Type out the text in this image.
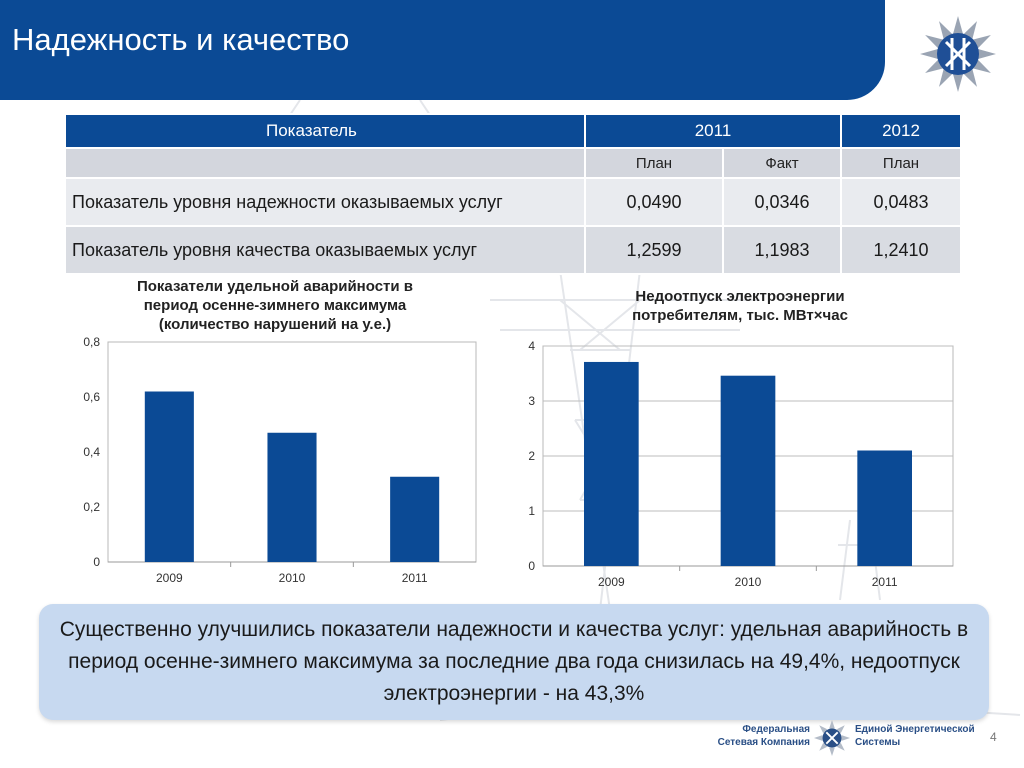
Надежность и качество
Показатель	2011		2012
	План	Факт	План
Показатель уровня надежности оказываемых услуг	0,0490	0,0346	0,0483
Показатель уровня качества оказываемых услуг	1,2599	1,1983	1,2410
Показатели удельной аварийности в период осенне-зимнего максимума (количество нарушений на у.е.)
0
0,2
0,4
0,6
0,8
2009	2010	2011
Недоотпуск электроэнергии потребителям, тыс. МВт×час
0
1
2
3
4
2009	2010	2011
Существенно улучшились показатели надежности и качества услуг: удельная аварийность в период осенне-зимнего максимума за последние два года снизилась на 49,4%, недоотпуск электроэнергии - на 43,3%
Федеральная Сетевая Компания
Единой Энергетической Системы	4
